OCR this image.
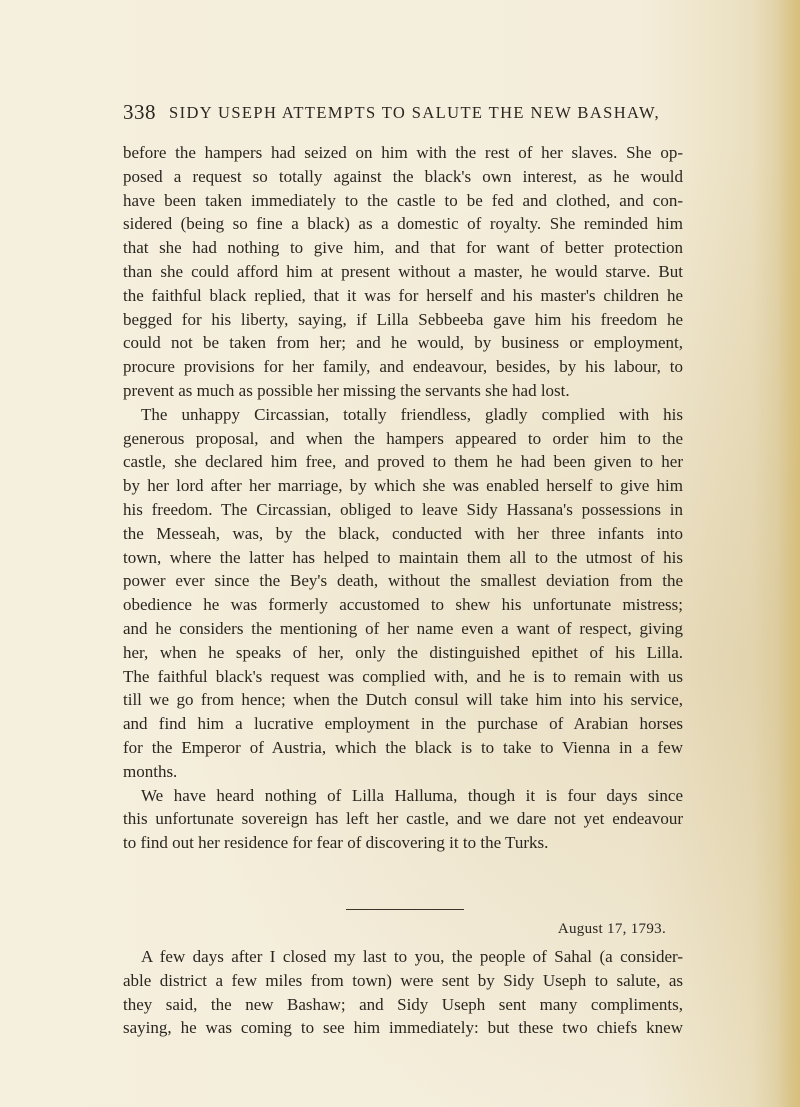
338 SIDY USEPH ATTEMPTS TO SALUTE THE NEW BASHAW,

before the hampers had seized on him with the rest of her slaves. She op-
posed a request so totally against the black's own interest, as he would
have been taken immediately to the castle to be fed and clothed, and con-
sidered (being so fine a black) as a domestic of royalty. She reminded him
that she had nothing to give him, and that for want of better protection
than she could afford him at present without a master, he would starve. But
the faithful black replied, that it was for herself and his master's children he
begged for his liberty, saying, if Lilla Sebbeeba gave him his freedom he
could not be taken from her; and he would, by business or employment,
procure provisions for her family, and endeavour, besides, by his labour, to
prevent as much as possible her missing the servants she had lost.

The unhappy Circassian, totally friendless, gladly complied with his
generous proposal, and when the hampers appeared to order him to the
castle, she declared him free, and proved to them he had been given to her
by her lord after her marriage, by which she was enabled herself to give him
his freedom. The Circassian, obliged to leave Sidy Hassana's possessions in
the Messeah, was, by the black, conducted with her three infants into
town, where the latter has helped to maintain them all to the utmost of his
power ever since the Bey's death, without the smallest deviation from the
obedience he was formerly accustomed to shew his unfortunate mistress;
and he considers the mentioning of her name even a want of respect, giving
her, when he speaks of her, only the distinguished epithet of his Lilla.
The faithful black's request was complied with, and he is to remain with us
till we go from hence; when the Dutch consul will take him into his service,
and find him a lucrative employment in the purchase of Arabian horses
for the Emperor of Austria, which the black is to take to Vienna in a few
months.

We have heard nothing of Lilla Halluma, though it is four days since
this unfortunate sovereign has left her castle, and we dare not yet endeavour
to find out her residence for fear of discovering it to the Turks.

August 17, 1793.

A few days after I closed my last to you, the people of Sahal (a consider-
able district a few miles from town) were sent by Sidy Useph to salute, as
they said, the new Bashaw; and Sidy Useph sent many compliments,
saying, he was coming to see him immediately: but these two chiefs knew
